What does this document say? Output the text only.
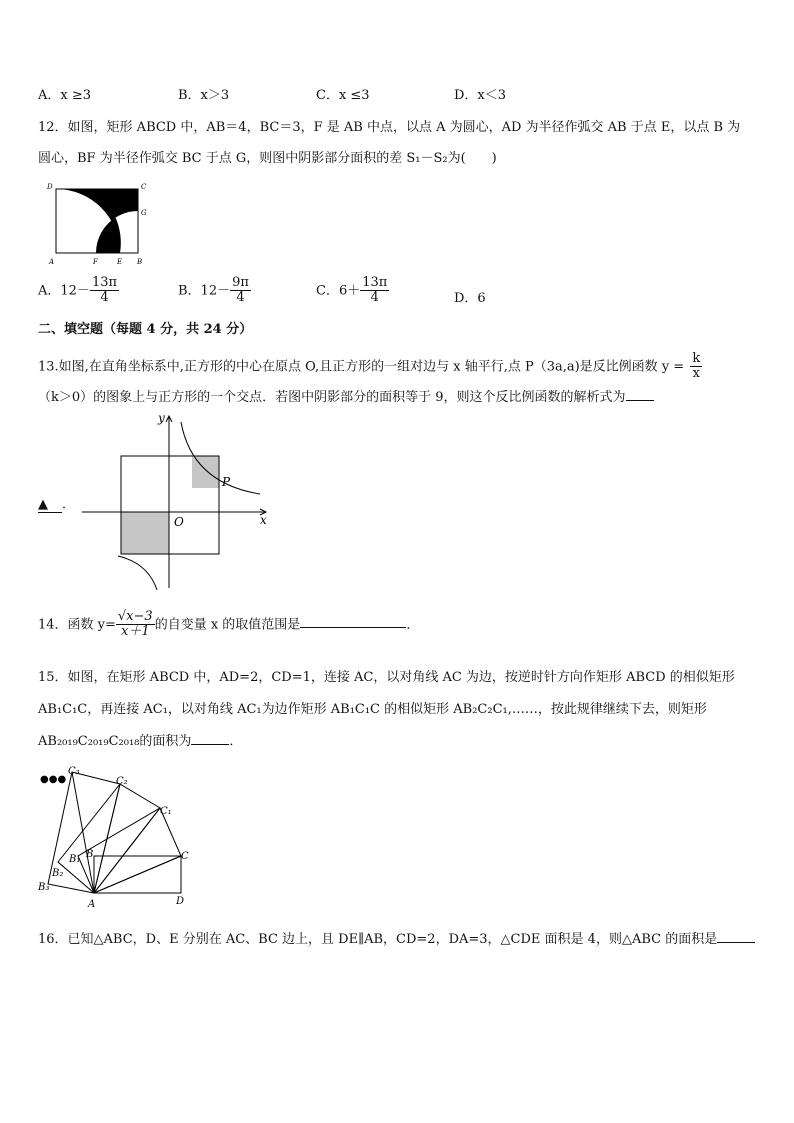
A．x ≥3	B．x＞3	C．x ≤3	D．x＜3
12．如图，矩形 ABCD 中，AB＝4，BC＝3，F 是 AB 中点，以点 A 为圆心，AD 为半径作弧交 AB 于点 E，以点 B 为
圆心，BF 为半径作弧交 BC 于点 G，则图中阴影部分面积的差 S₁－S₂为(　　)
D	C
G
A	F	E B
A．$12- \frac{13\pi}{4}$	B．$12- \frac{9\pi}{4}$	C．$6+ \frac{13\pi}{4}$	D．6
二、填空题（每题 4 分，共 24 分）
13.如图,在直角坐标系中,正方形的中心在原点 O,且正方形的一组对边与 x 轴平行,点 P（3a,a)是反比例函数 $y = \frac{k}{x}$
（k＞0）的图象上与正方形的一个交点．若图中阴影部分的面积等于 9，则这个反比例函数的解析式为
y
x
O
P
▲ ．
14．函数 $y= \frac{√x-3}{x+1}$ 的自变量 x 的取值范围是	．
15．如图，在矩形 ABCD 中，AD=2，CD=1，连接 AC，以对角线 AC 为边，按逆时针方向作矩形 ABCD 的相似矩形
AB₁C₁C，再连接 AC₁，以对角线 AC₁为边作矩形 AB₁C₁C 的相似矩形 AB₂C₂C₁,……，按此规律继续下去，则矩形
AB₂₀₁₉C₂₀₁₉C₂₀₁₈的面积为	．
●●●
C₃
C₂
C₁
B
B₁
B₂
B₃
C
A	D
16．已知△ABC，D、E 分别在 AC、BC 边上，且 DE∥AB，CD=2，DA=3，△CDE 面积是 4，则△ABC 的面积是
